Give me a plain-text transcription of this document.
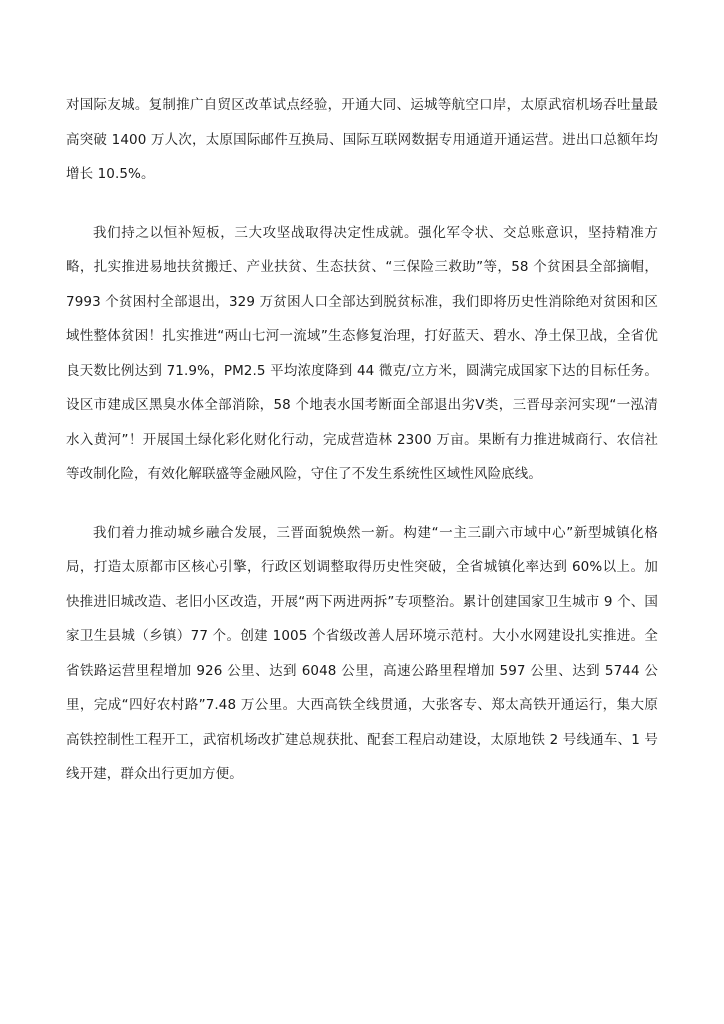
对国际友城。复制推广自贸区改革试点经验，开通大同、运城等航空口岸，太原武宿机场吞吐量最高突破 1400 万人次，太原国际邮件互换局、国际互联网数据专用通道开通运营。进出口总额年均增长 10.5%。

我们持之以恒补短板，三大攻坚战取得决定性成就。强化军令状、交总账意识，坚持精准方略，扎实推进易地扶贫搬迁、产业扶贫、生态扶贫、“三保险三救助”等，58 个贫困县全部摘帽，7993 个贫困村全部退出，329 万贫困人口全部达到脱贫标准，我们即将历史性消除绝对贫困和区域性整体贫困！扎实推进“两山七河一流域”生态修复治理，打好蓝天、碧水、净土保卫战，全省优良天数比例达到 71.9%，PM2.5 平均浓度降到 44 微克/立方米，圆满完成国家下达的目标任务。设区市建成区黑臭水体全部消除，58 个地表水国考断面全部退出劣Ⅴ类，三晋母亲河实现“一泓清水入黄河”！开展国土绿化彩化财化行动，完成营造林 2300 万亩。果断有力推进城商行、农信社等改制化险，有效化解联盛等金融风险，守住了不发生系统性区域性风险底线。

我们着力推动城乡融合发展，三晋面貌焕然一新。构建“一主三副六市域中心”新型城镇化格局，打造太原都市区核心引擎，行政区划调整取得历史性突破，全省城镇化率达到 60%以上。加快推进旧城改造、老旧小区改造，开展“两下两进两拆”专项整治。累计创建国家卫生城市 9 个、国家卫生县城（乡镇）77 个。创建 1005 个省级改善人居环境示范村。大小水网建设扎实推进。全省铁路运营里程增加 926 公里、达到 6048 公里，高速公路里程增加 597 公里、达到 5744 公里，完成“四好农村路”7.48 万公里。大西高铁全线贯通，大张客专、郑太高铁开通运行，集大原高铁控制性工程开工，武宿机场改扩建总规获批、配套工程启动建设，太原地铁 2 号线通车、1 号线开建，群众出行更加方便。
